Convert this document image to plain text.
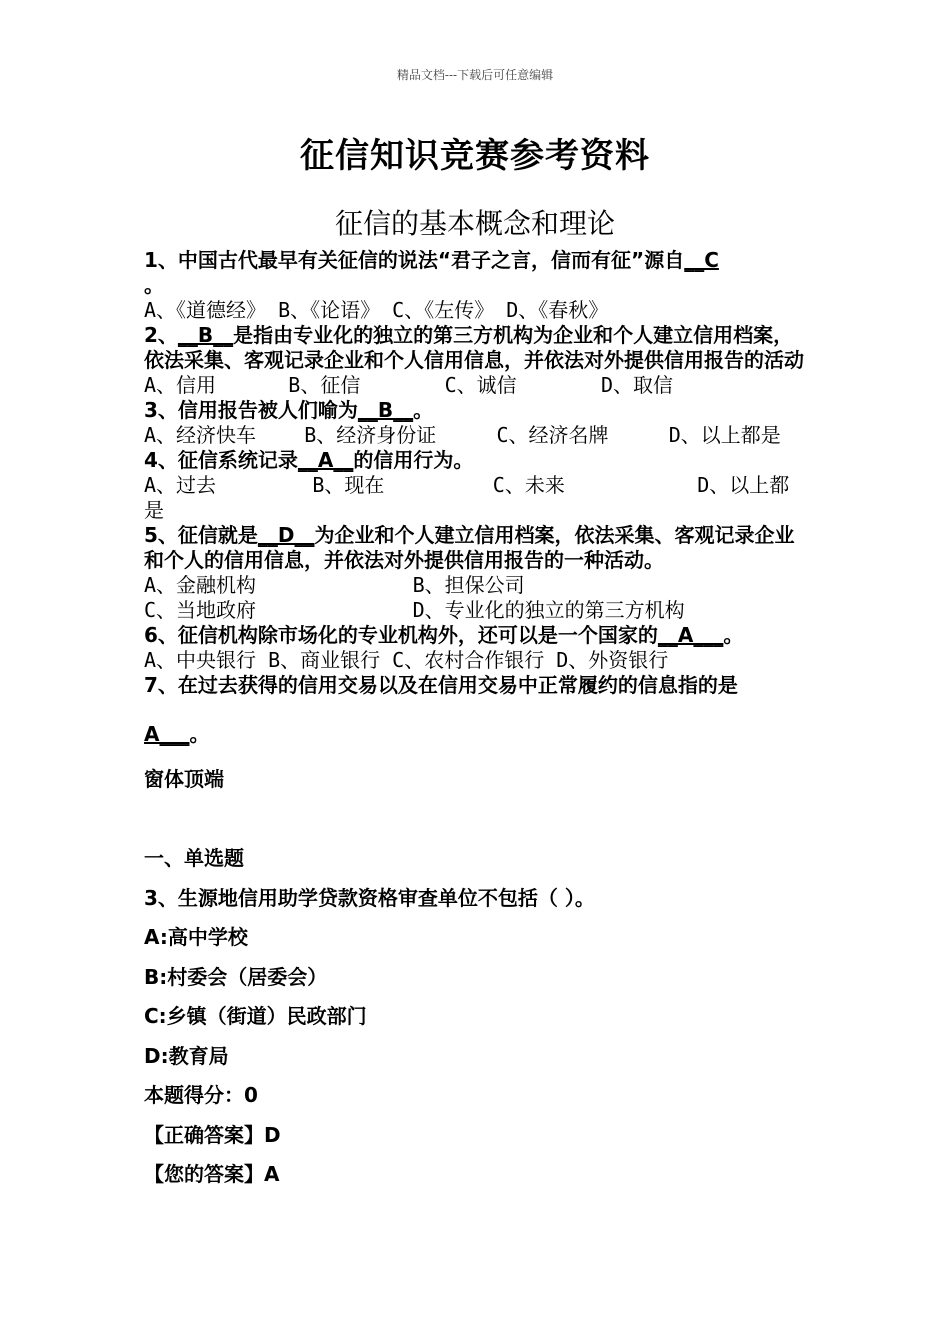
精品文档---下载后可任意编辑
征信知识竞赛参考资料
征信的基本概念和理论

1、中国古代最早有关征信的说法“君子之言，信而有征”源自__C
。

A、《道德经》 B、《论语》 C、《左传》 D、《春秋》

2、__B__是指由专业化的独立的第三方机构为企业和个人建立信用档案，依法采集、客观记录企业和个人信用信息，并依法对外提供信用报告的活动

A、信用      B、征信       C、诚信       D、取信

3、信用报告被人们喻为__B__。

A、经济快车    B、经济身份证     C、经济名牌     D、以上都是

4、征信系统记录__A__的信用行为。

A、过去        B、现在         C、未来           D、以上都是

5、征信就是__D__为企业和个人建立信用档案，依法采集、客观记录企业和个人的信用信息，并依法对外提供信用报告的一种活动。

A、金融机构             B、担保公司
C、当地政府             D、专业化的独立的第三方机构

6、征信机构除市场化的专业机构外，还可以是一个国家的__A___。

A、中央银行 B、商业银行 C、农村合作银行 D、外资银行

7、在过去获得的信用交易以及在信用交易中正常履约的信息指的是

A___。

窗体顶端

一、单选题

3、生源地信用助学贷款资格审查单位不包括（ ）。

A:高中学校

B:村委会（居委会）

C:乡镇（街道）民政部门

D:教育局

本题得分：0

【正确答案】D

【您的答案】A
